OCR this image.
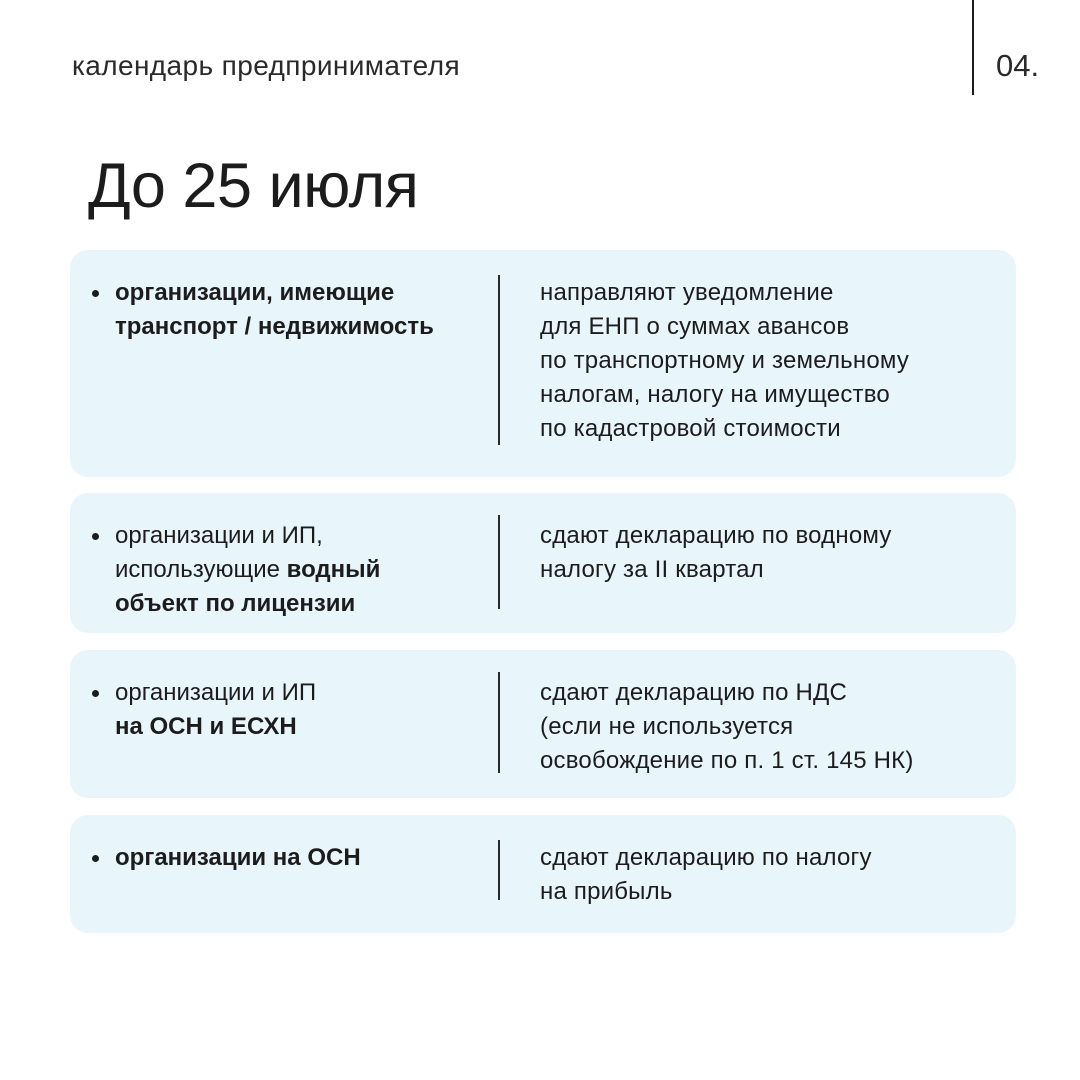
календарь предпринимателя	04.
До 25 июля
организации, имеющие
транспорт / недвижимость
направляют уведомление
для ЕНП о суммах авансов
по транспортному и земельному
налогам, налогу на имущество
по кадастровой стоимости
организации и ИП,
использующие водный
объект по лицензии
сдают декларацию по водному
налогу за II квартал
организации и ИП
на ОСН и ЕСХН
сдают декларацию по НДС
(если не используется
освобождение по п. 1 ст. 145 НК)
организации на ОСН	сдают декларацию по налогу
на прибыль
